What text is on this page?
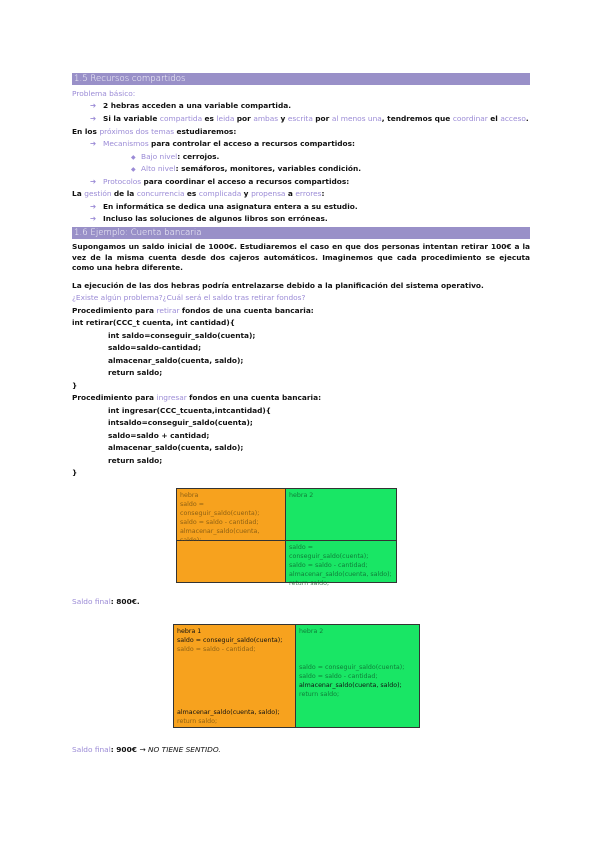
1.5 Recursos compartidos
Problema básico:
➔ 2 hebras acceden a una variable compartida.
➔ Si la variable compartida es leida por ambas y escrita por al menos una, tendremos que coordinar el acceso.
En los próximos dos temas estudiaremos:
➔ Mecanismos para controlar el acceso a recursos compartidos:
◆ Bajo nivel: cerrojos.
◆ Alto nivel: semáforos, monitores, variables condición.
➔ Protocolos para coordinar el acceso a recursos compartidos:
La gestión de la concurrencia es complicada y propensa a errores:
➔ En informática se dedica una asignatura entera a su estudio.
➔ Incluso las soluciones de algunos libros son erróneas.
1.6 Ejemplo: Cuenta bancaria
Supongamos un saldo inicial de 1000€. Estudiaremos el caso en que dos personas intentan retirar 100€ a la vez de la misma cuenta desde dos cajeros automáticos. Imaginemos que cada procedimiento se ejecuta como una hebra diferente.
La ejecución de las dos hebras podría entrelazarse debido a la planificación del sistema operativo.
¿Existe algún problema?¿Cuál será el saldo tras retirar fondos?
Procedimiento para retirar fondos de una cuenta bancaria:
int retirar(CCC_t cuenta, int cantidad){
int saldo=conseguir_saldo(cuenta);
saldo=saldo-cantidad;
almacenar_saldo(cuenta, saldo);
return saldo;
}
Procedimiento para ingresar fondos en una cuenta bancaria:
int ingresar(CCC_tcuenta,intcantidad){
intsaldo=conseguir_saldo(cuenta);
saldo=saldo + cantidad;
almacenar_saldo(cuenta, saldo);
return saldo;
}
hebra
saldo = conseguir_saldo(cuenta);
saldo = saldo - cantidad;
almacenar_saldo(cuenta,
hebra 2
saldo = conseguir_saldo(cuenta);
saldo = saldo - cantidad;
almacenar_saldo(cuenta, saldo);
return saldo;
Saldo final: 800€.
hebra 1
saldo = conseguir_saldo(cuenta);
saldo = saldo - cantidad;
almacenar_saldo(cuenta, saldo);
return saldo;
hebra 2
saldo = conseguir_saldo(cuenta);
saldo = saldo - cantidad;
almacenar_saldo(cuenta, saldo);
return saldo;
Saldo final: 900€ → NO TIENE SENTIDO.
